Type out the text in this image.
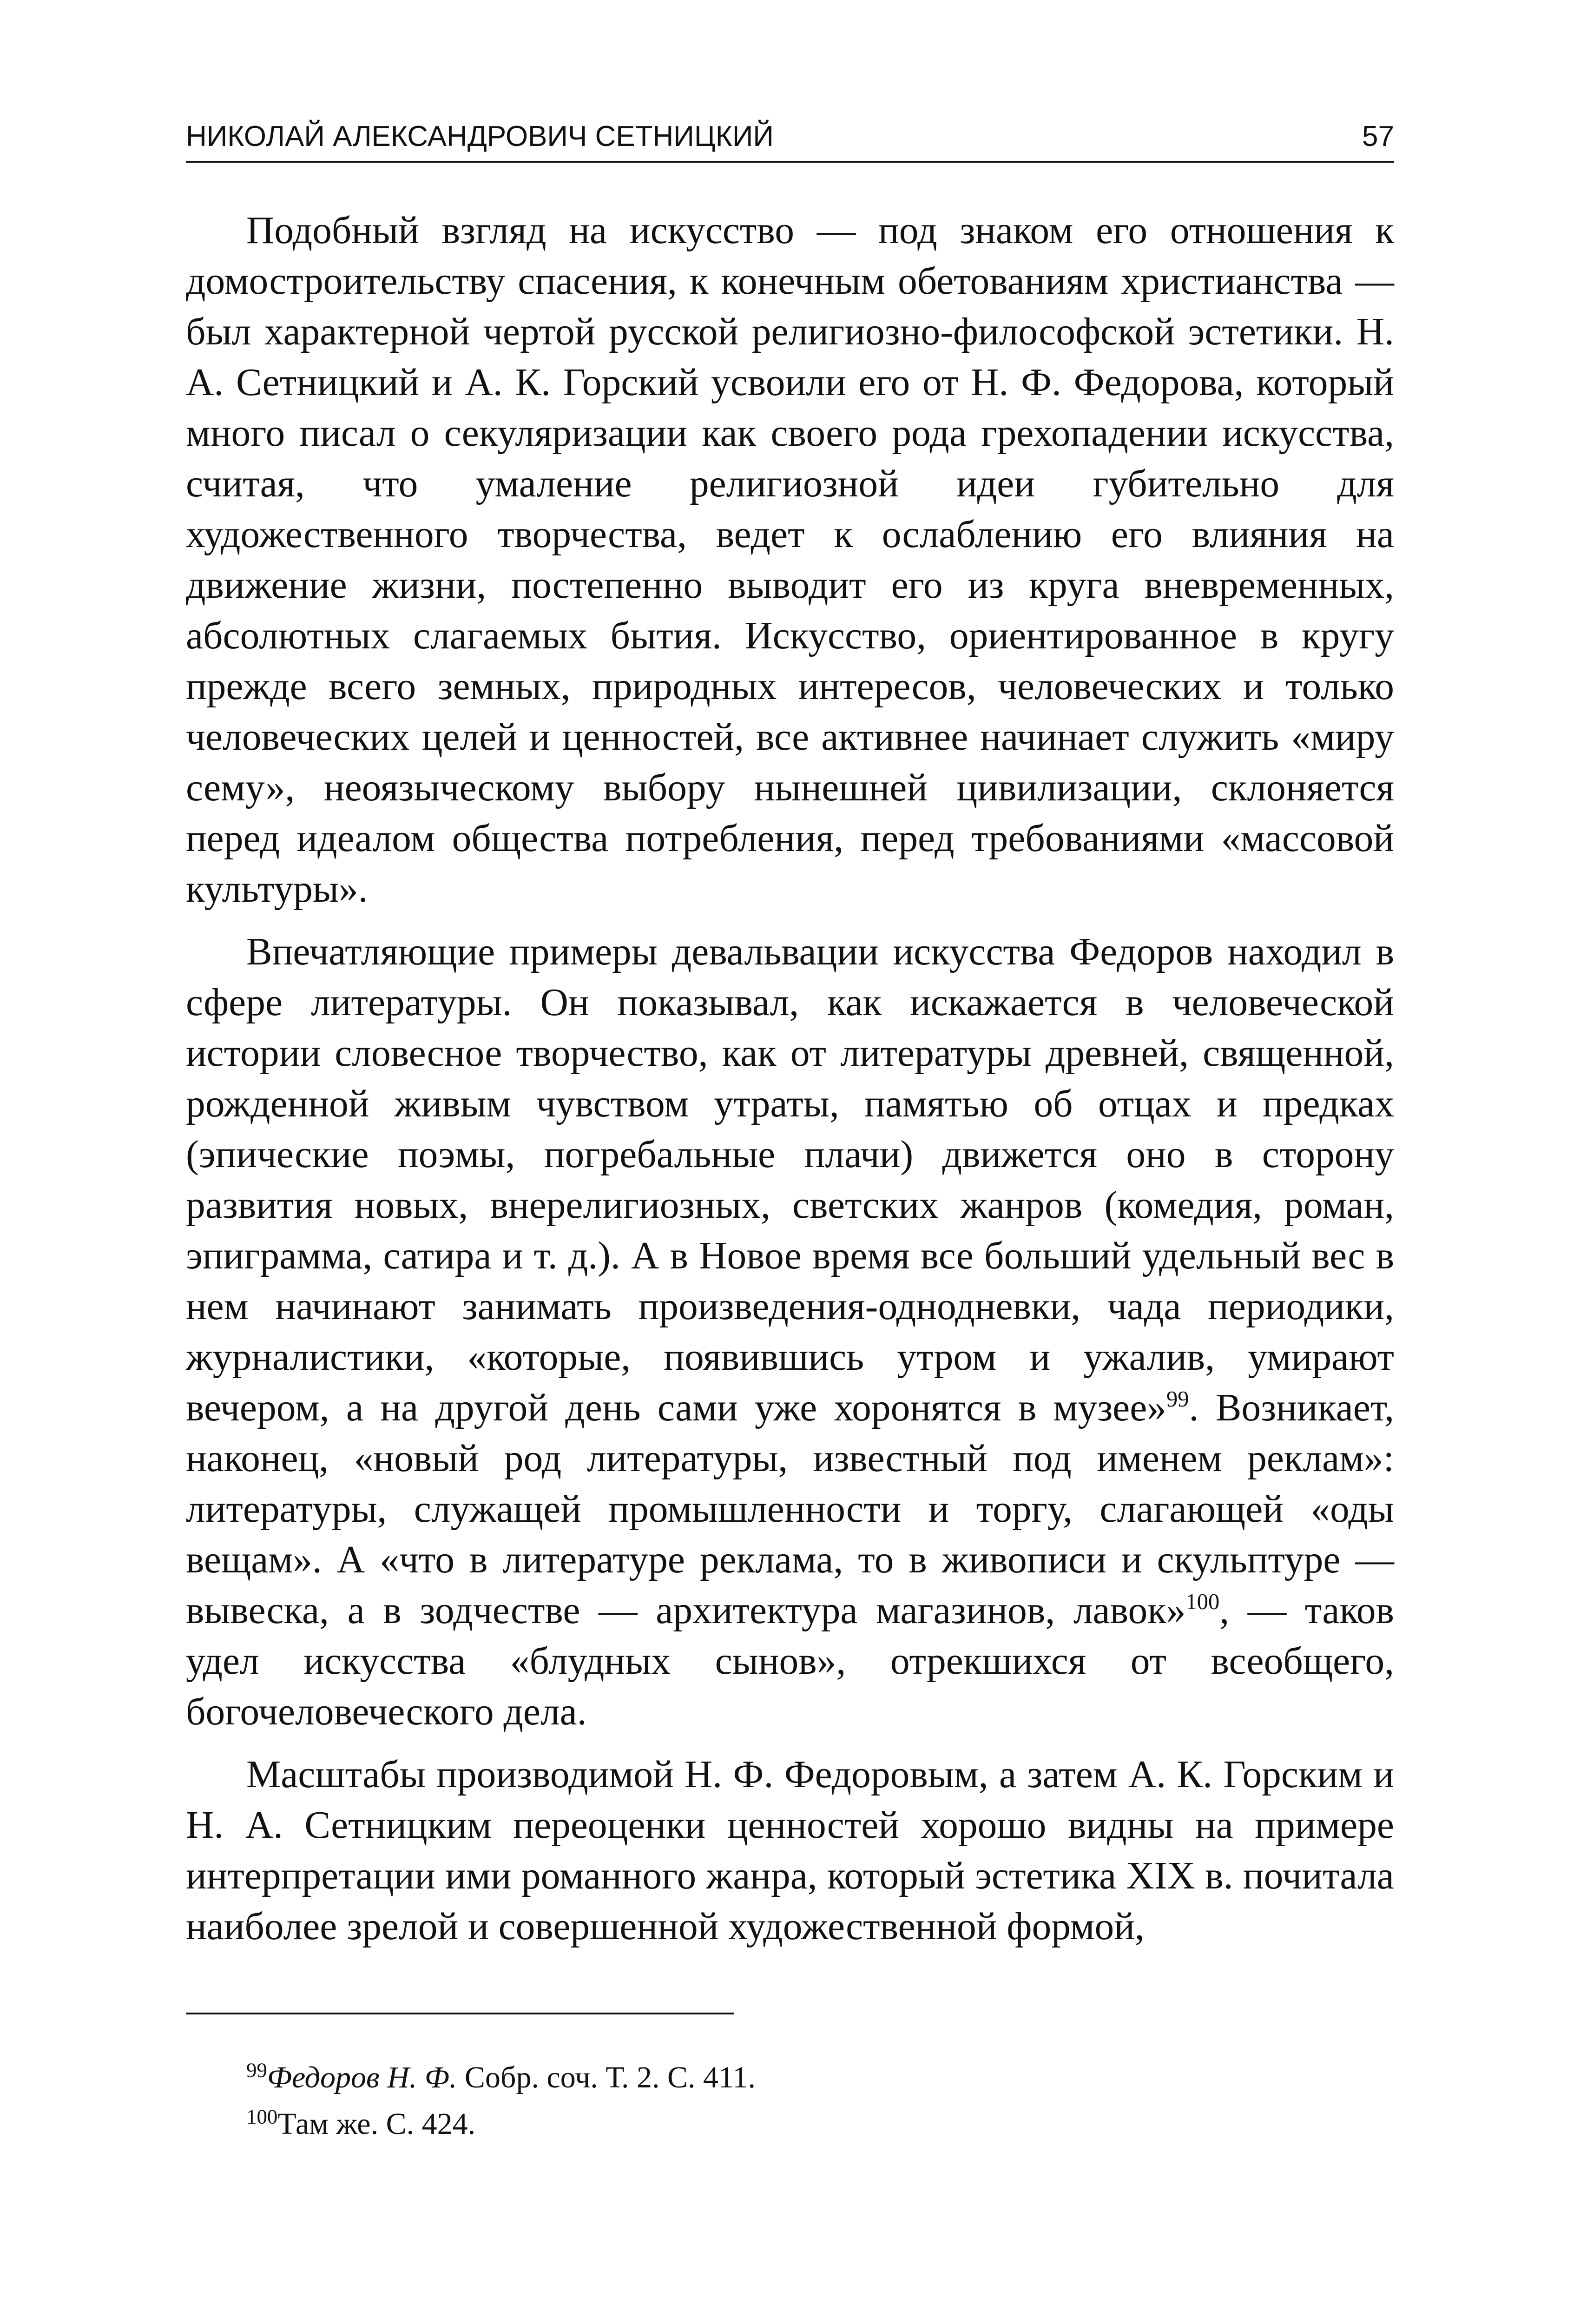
НИКОЛАЙ АЛЕКСАНДРОВИЧ СЕТНИЦКИЙ	57

Подобный взгляд на искусство — под знаком его отношения к домостроительству спасения, к конечным обетованиям христианства — был характерной чертой русской религиозно-философской эстетики. Н. А. Сетницкий и А. К. Горский усвоили его от Н. Ф. Федорова, который много писал о секуляризации как своего рода грехопадении искусства, считая, что умаление религиозной идеи губительно для художественного творчества, ведет к ослаблению его влияния на движение жизни, постепенно выводит его из круга вневременных, абсолютных слагаемых бытия. Искусство, ориентированное в кругу прежде всего земных, природных интересов, человеческих и только человеческих целей и ценностей, все активнее начинает служить «миру сему», неоязыческому выбору нынешней цивилизации, склоняется перед идеалом общества потребления, перед требованиями «массовой культуры».

Впечатляющие примеры девальвации искусства Федоров находил в сфере литературы. Он показывал, как искажается в человеческой истории словесное творчество, как от литературы древней, священной, рожденной живым чувством утраты, памятью об отцах и предках (эпические поэмы, погребальные плачи) движется оно в сторону развития новых, внерелигиозных, светских жанров (комедия, роман, эпиграмма, сатира и т. д.). А в Новое время все больший удельный вес в нем начинают занимать произведения-однодневки, чада периодики, журналистики, «которые, появившись утром и ужалив, умирают вечером, а на другой день сами уже хоронятся в музее»$^{99}$. Возникает, наконец, «новый род литературы, известный под именем реклам»: литературы, служащей промышленности и торгу, слагающей «оды вещам». А «что в литературе реклама, то в живописи и скульптуре — вывеска, а в зодчестве — архитектура магазинов, лавок»$^{100}$, — таков удел искусства «блудных сынов», отрекшихся от всеобщего, богочеловеческого дела.

Масштабы производимой Н. Ф. Федоровым, а затем А. К. Горским и Н. А. Сетницким переоценки ценностей хорошо видны на примере интерпретации ими романного жанра, который эстетика XIX в. почитала наиболее зрелой и совершенной художественной формой,

$^{99}$Федоров Н. Ф. Собр. соч. Т. 2. С. 411.
$^{100}$Там же. С. 424.
